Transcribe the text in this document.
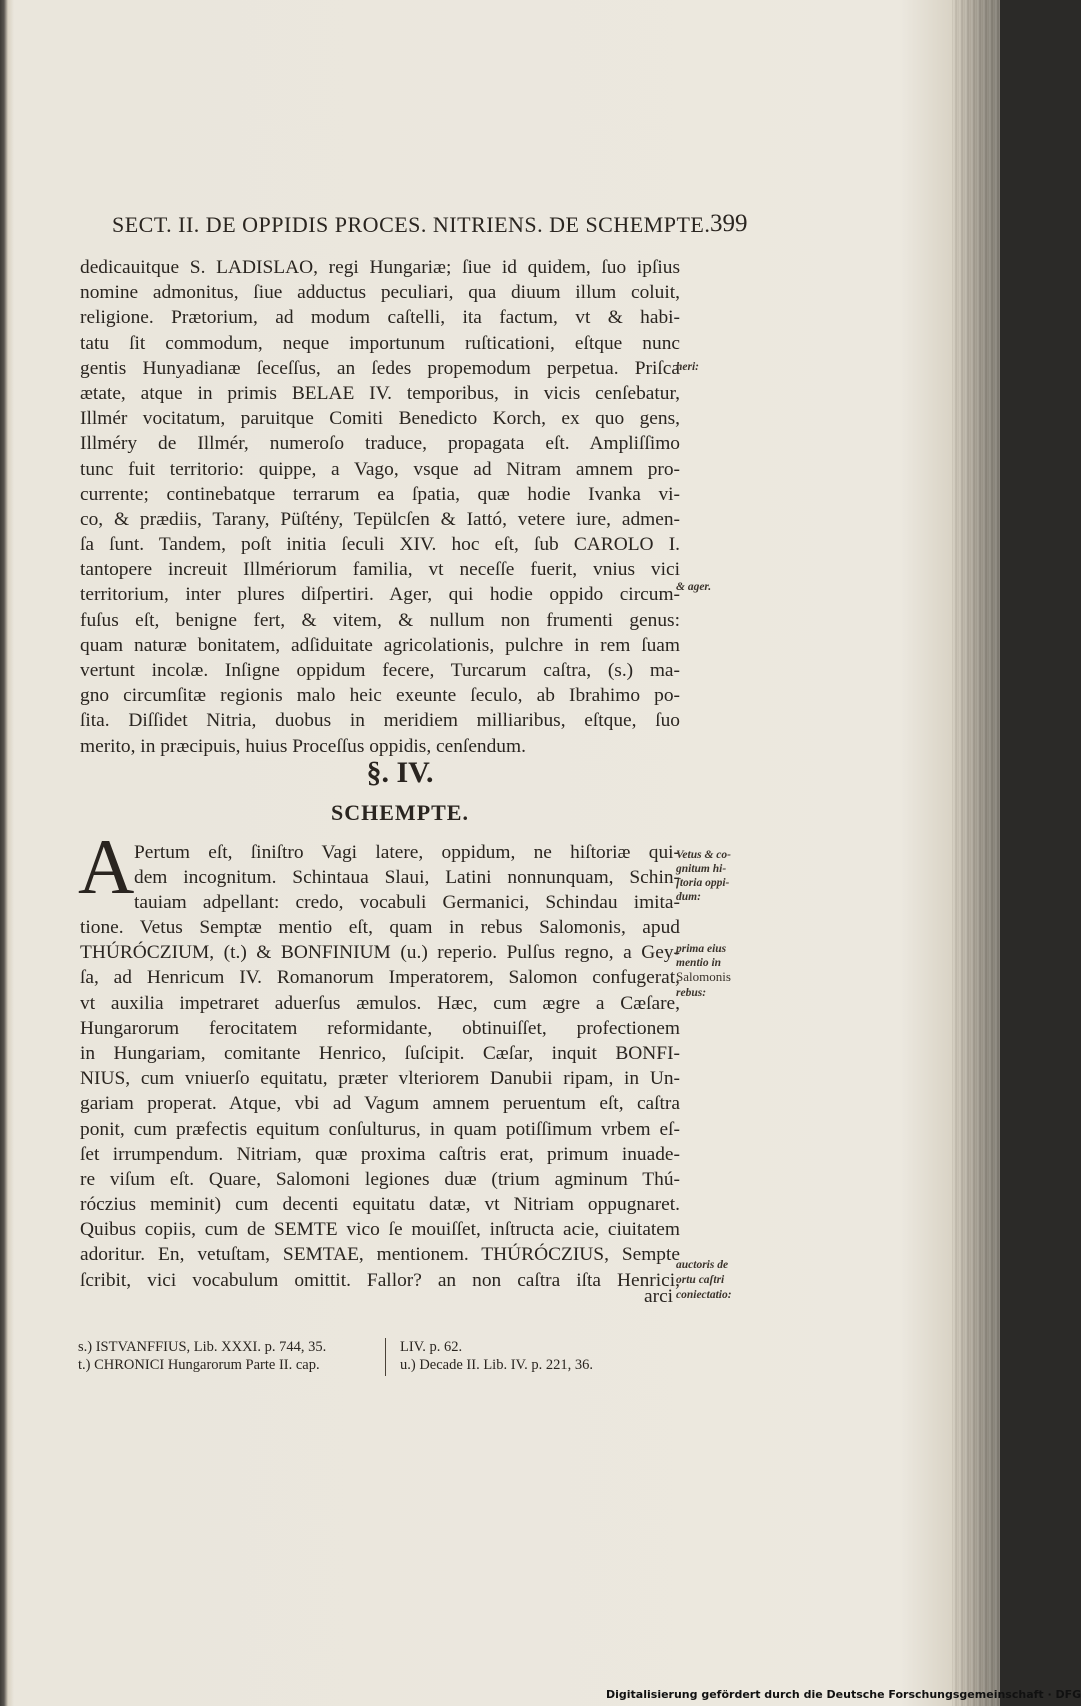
SECT. II. DE OPPIDIS PROCES. NITRIENS. DE SCHEMPTE. 399
dedicauitque S. LADISLAO, regi Hungariæ; ſiue id quidem, ſuo ipſius
nomine admonitus, ſiue adductus peculiari, qua diuum illum coluit,
religione. Prætorium, ad modum caſtelli, ita factum, vt & habi-
tatu ſit commodum, neque importunum ruſticationi, eſtque nunc
gentis Hunyadianæ ſeceſſus, an ſedes propemodum perpetua. Priſca
ætate, atque in primis BELAE IV. temporibus, in vicis cenſebatur,
Illmér vocitatum, paruitque Comiti Benedicto Korch, ex quo gens,
Illméry de Illmér, numeroſo traduce, propagata eſt. Ampliſſimo
tunc fuit territorio: quippe, a Vago, vsque ad Nitram amnem pro-
currente; continebatque terrarum ea ſpatia, quæ hodie Ivanka vi-
co, & prædiis, Tarany, Püſtény, Tepülcſen & Iattó, vetere iure, admen-
ſa ſunt. Tandem, poſt initia ſeculi XIV. hoc eſt, ſub CAROLO I.
tantopere increuit Illmériorum familia, vt neceſſe fuerit, vnius vici
territorium, inter plures diſpertiri. Ager, qui hodie oppido circum-
fuſus eſt, benigne fert, & vitem, & nullum non frumenti genus:
quam naturæ bonitatem, adſiduitate agricolationis, pulchre in rem ſuam
vertunt incolæ. Inſigne oppidum fecere, Turcarum caſtra, (s.) ma-
gno circumſitæ regionis malo heic exeunte ſeculo, ab Ibrahimo po-
ſita. Diſſidet Nitria, duobus in meridiem milliaribus, eſtque, ſuo
merito, in præcipuis, huius Proceſſus oppidis, cenſendum.
§. IV.
SCHEMPTE.
A Pertum eſt, ſiniſtro Vagi latere, oppidum, ne hiſtoriæ qui-
dem incognitum. Schintaua Slaui, Latini nonnunquam, Schin-
tauiam adpellant: credo, vocabuli Germanici, Schindau imita-
tione. Vetus Semptæ mentio eſt, quam in rebus Salomonis, apud
THÚRÓCZIUM, (t.) & BONFINIUM (u.) reperio. Pulſus regno, a Gey-
ſa, ad Henricum IV. Romanorum Imperatorem, Salomon confugerat,
vt auxilia impetraret aduerſus æmulos. Hæc, cum ægre a Cæſare,
Hungarorum ferocitatem reformidante, obtinuiſſet, profectionem
in Hungariam, comitante Henrico, ſuſcipit. Cæſar, inquit BONFI-
NIUS, cum vniuerſo equitatu, præter vlteriorem Danubii ripam, in Un-
gariam properat. Atque, vbi ad Vagum amnem peruentum eſt, caſtra
ponit, cum præfectis equitum conſulturus, in quam potiſſimum vrbem eſ-
ſet irrumpendum. Nitriam, quæ proxima caſtris erat, primum inuade-
re viſum eſt. Quare, Salomoni legiones duæ (trium agminum Thú-
róczius meminit) cum decenti equitatu datæ, vt Nitriam oppugnaret.
Quibus copiis, cum de SEMTE vico ſe mouiſſet, inſtructa acie, ciuitatem
adoritur. En, vetuſtam, SEMTAE, mentionem. THÚRÓCZIUS, Sempte
ſcribit, vici vocabulum omittit. Fallor? an non caſtra iſta Henrici,
arci
heri:
& ager.
Vetus & co-
gnitum hi-
ſtoria oppi-
dum:
prima eius
mentio in
Salomonis
rebus:
auctoris de
ortu caſtri
coniectatio:
s.) ISTVANFFIUS, Lib. XXXI. p. 744, 35.
t.) CHRONICI Hungarorum Parte II. cap.
LIV. p. 62.
u.) Decade II. Lib. IV. p. 221, 36.
Digitalisierung gefördert durch die Deutsche Forschungsgemeinschaft · DFG
